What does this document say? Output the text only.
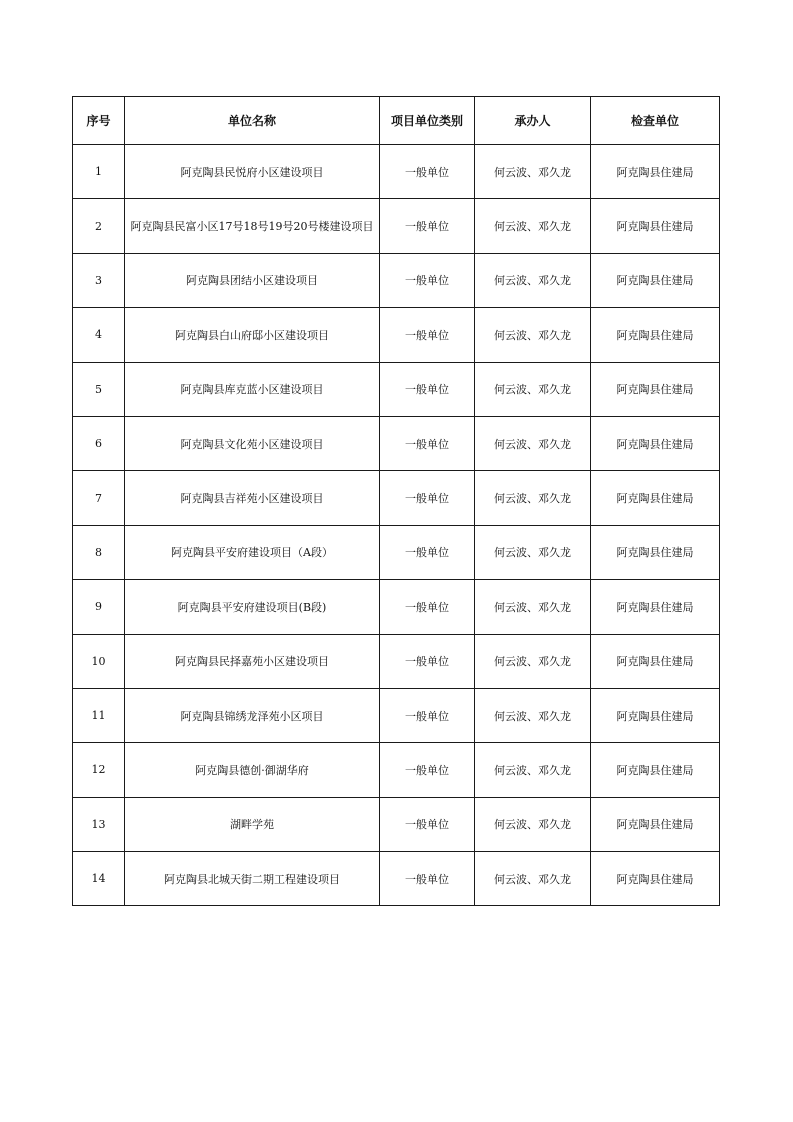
序号	单位名称	项目单位类别	承办人	检查单位
1	阿克陶县民悦府小区建设项目	一般单位	何云波、邓久龙	阿克陶县住建局
2	阿克陶县民富小区17号18号19号20号楼建设项目	一般单位	何云波、邓久龙	阿克陶县住建局
3	阿克陶县团结小区建设项目	一般单位	何云波、邓久龙	阿克陶县住建局
4	阿克陶县白山府邸小区建设项目	一般单位	何云波、邓久龙	阿克陶县住建局
5	阿克陶县库克蓝小区建设项目	一般单位	何云波、邓久龙	阿克陶县住建局
6	阿克陶县文化苑小区建设项目	一般单位	何云波、邓久龙	阿克陶县住建局
7	阿克陶县吉祥苑小区建设项目	一般单位	何云波、邓久龙	阿克陶县住建局
8	阿克陶县平安府建设项目（A段）	一般单位	何云波、邓久龙	阿克陶县住建局
9	阿克陶县平安府建设项目(B段)	一般单位	何云波、邓久龙	阿克陶县住建局
10	阿克陶县民择嘉苑小区建设项目	一般单位	何云波、邓久龙	阿克陶县住建局
11	阿克陶县锦绣龙泽苑小区项目	一般单位	何云波、邓久龙	阿克陶县住建局
12	阿克陶县德创·御湖华府	一般单位	何云波、邓久龙	阿克陶县住建局
13	湖畔学苑	一般单位	何云波、邓久龙	阿克陶县住建局
14	阿克陶县北城天街二期工程建设项目	一般单位	何云波、邓久龙	阿克陶县住建局
